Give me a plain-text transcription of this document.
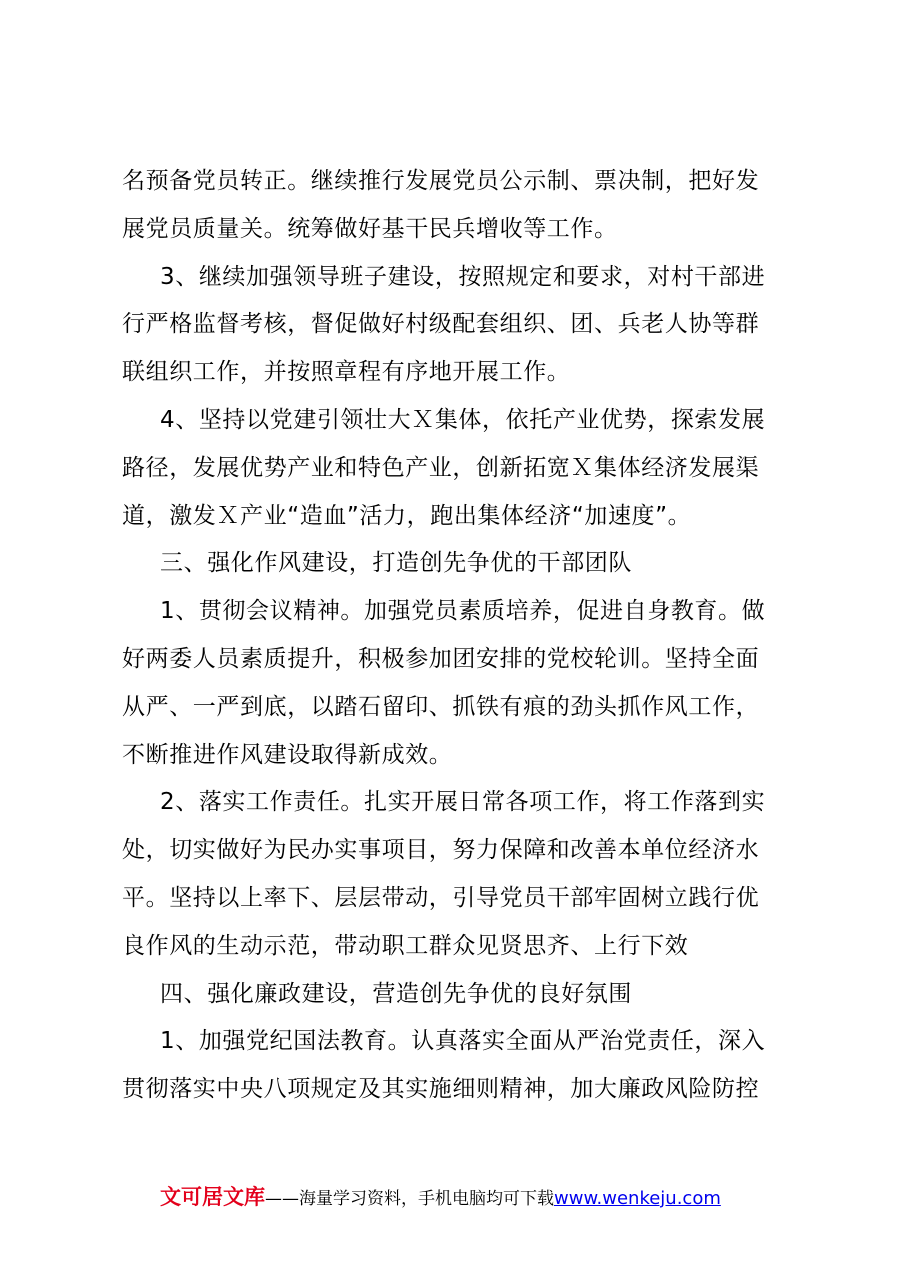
名预备党员转正。继续推行发展党员公示制、票决制，把好发
展党员质量关。统筹做好基干民兵增收等工作。
3、继续加强领导班子建设，按照规定和要求，对村干部进
行严格监督考核，督促做好村级配套组织、团、兵老人协等群
联组织工作，并按照章程有序地开展工作。
4、坚持以党建引领壮大Ｘ集体，依托产业优势，探索发展
路径，发展优势产业和特色产业，创新拓宽Ｘ集体经济发展渠
道，激发Ｘ产业“造血”活力，跑出集体经济“加速度”。
三、强化作风建设，打造创先争优的干部团队
1、贯彻会议精神。加强党员素质培养，促进自身教育。做
好两委人员素质提升，积极参加团安排的党校轮训。坚持全面
从严、一严到底，以踏石留印、抓铁有痕的劲头抓作风工作，
不断推进作风建设取得新成效。
2、落实工作责任。扎实开展日常各项工作，将工作落到实
处，切实做好为民办实事项目，努力保障和改善本单位经济水
平。坚持以上率下、层层带动，引导党员干部牢固树立践行优
良作风的生动示范，带动职工群众见贤思齐、上行下效
四、强化廉政建设，营造创先争优的良好氛围
1、加强党纪国法教育。认真落实全面从严治党责任，深入
贯彻落实中央八项规定及其实施细则精神，加大廉政风险防控
文可居文库——海量学习资料，手机电脑均可下载www.wenkeju.com
